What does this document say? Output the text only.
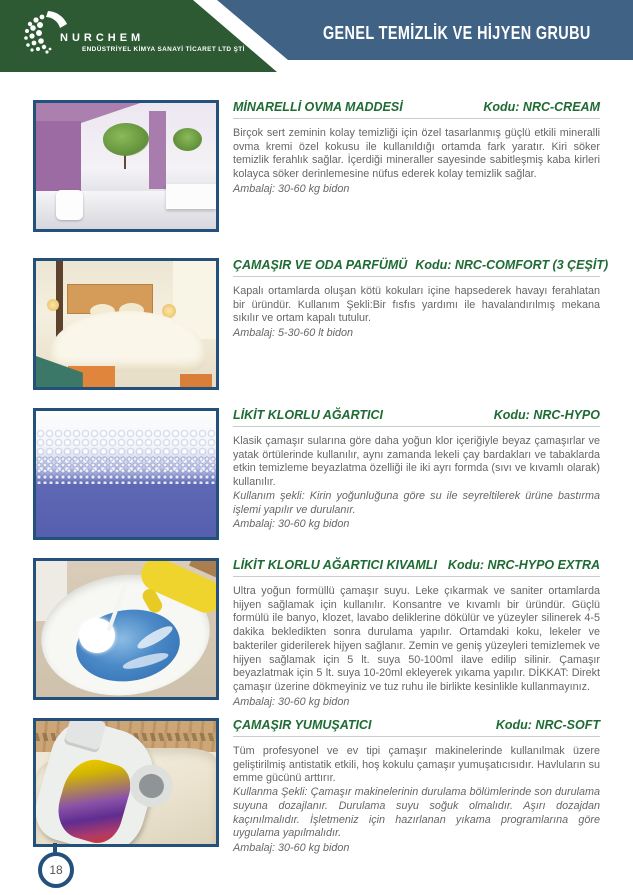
NURCHEM
ENDÜSTRİYEL KİMYA SANAYİ TİCARET LTD ŞTİ
GENEL TEMİZLİK VE HİJYEN GRUBU
MİNARELLİ OVMA MADDESİ	Kodu: NRC-CREAM
Birçok sert zeminin kolay temizliği için özel tasarlanmış güçlü etkili mineralli ovma kremi özel kokusu ile kullanıldığı ortamda fark yaratır. Kiri söker temizlik ferahlık sağlar. İçerdiği mineraller sayesinde sabitleşmiş kaba kirleri kolayca söker derinlemesine nüfus ederek kolay temizlik sağlar.
Ambalaj: 30-60 kg bidon
ÇAMAŞIR VE ODA PARFÜMÜ Kodu: NRC-COMFORT (3 ÇEŞİT)
Kapalı ortamlarda oluşan kötü kokuları içine hapsederek havayı ferahlatan bir üründür. Kullanım Şekli:Bir fısfıs yardımı ile havalandırılmış mekana sıkılır ve ortam kapalı tutulur.
Ambalaj: 5-30-60 lt bidon
LİKİT KLORLU AĞARTICI	Kodu: NRC-HYPO
Klasik çamaşır sularına göre daha yoğun klor içeriğiyle beyaz çamaşırlar ve yatak örtülerinde kullanılır, aynı zamanda lekeli çay bardakları ve tabaklarda etkin temizleme beyazlatma özelliği ile iki ayrı formda (sıvı ve kıvamlı olarak) kullanılır.
Kullanım şekli: Kirin yoğunluğuna göre su ile seyreltilerek ürüne bastırma işlemi yapılır ve durulanır.
Ambalaj: 30-60 kg bidon
LİKİT KLORLU AĞARTICI KIVAMLI Kodu: NRC-HYPO EXTRA
Ultra yoğun formüllü çamaşır suyu. Leke çıkarmak ve saniter ortamlarda hijyen sağlamak için kullanılır. Konsantre ve kıvamlı bir üründür. Güçlü formülü ile banyo, klozet, lavabo deliklerine dökülür ve yüzeyler silinerek 4-5 dakika bekledikten sonra durulama yapılır. Ortamdaki koku, lekeler ve bakteriler giderilerek hijyen sağlanır. Zemin ve geniş yüzeyleri temizlemek ve hijyen sağlamak için 5 lt. suya 50-100ml ilave edilip silinir. Çamaşır beyazlatmak için 5 lt. suya 10-20ml ekleyerek yıkama yapılır. DİKKAT: Direkt çamaşır üzerine dökmeyiniz ve tuz ruhu ile birlikte kesinlikle kullanmayınız.
Ambalaj: 30-60 kg bidon
ÇAMAŞIR YUMUŞATICI	Kodu: NRC-SOFT
Tüm profesyonel ve ev tipi çamaşır makinelerinde kullanılmak üzere geliştirilmiş antistatik etkili, hoş kokulu çamaşır yumuşatıcısıdır. Havluların su emme gücünü arttırır.
Kullanma Şekli: Çamaşır makinelerinin durulama bölümlerinde son durulama suyuna dozajlanır. Durulama suyu soğuk olmalıdır. Aşırı dozajdan kaçınılmalıdır. İşletmeniz için hazırlanan yıkama programlarına göre uygulama yapılmalıdır.
Ambalaj: 30-60 kg bidon
18
